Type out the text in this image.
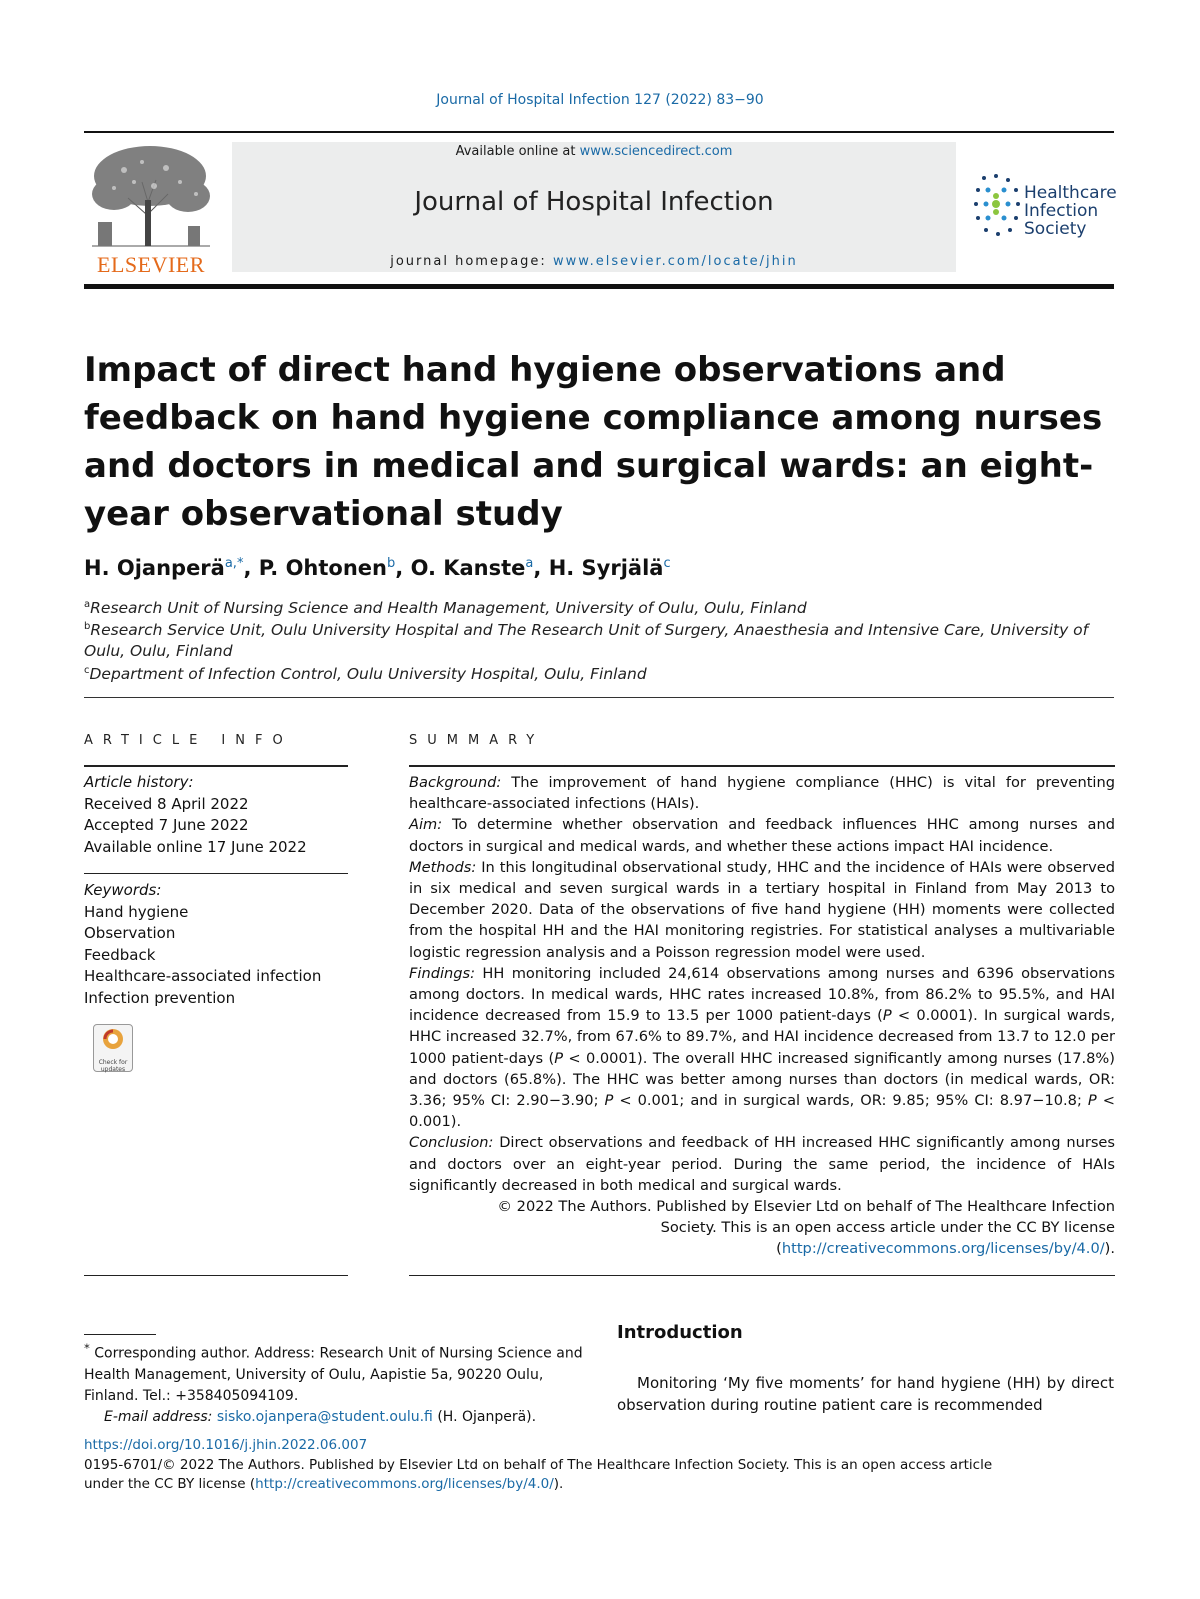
Journal of Hospital Infection 127 (2022) 83−90
ELSEVIER
Available online at www.sciencedirect.com
Journal of Hospital Infection
journal homepage: www.elsevier.com/locate/jhin
Healthcare
Infection
Society
Impact of direct hand hygiene observations and feedback on hand hygiene compliance among nurses and doctors in medical and surgical wards: an eight-year observational study
H. Ojanperä$^{a,*}$, P. Ohtonen$^b$, O. Kanste$^a$, H. Syrjälä$^c$
$^a$Research Unit of Nursing Science and Health Management, University of Oulu, Oulu, Finland
$^b$Research Service Unit, Oulu University Hospital and The Research Unit of Surgery, Anaesthesia and Intensive Care, University of Oulu, Oulu, Finland
$^c$Department of Infection Control, Oulu University Hospital, Oulu, Finland
ARTICLE INFO
Article history:
Received 8 April 2022
Accepted 7 June 2022
Available online 17 June 2022
Keywords:
Hand hygiene
Observation
Feedback
Healthcare-associated infection
Infection prevention
Check for updates
SUMMARY

Background: The improvement of hand hygiene compliance (HHC) is vital for preventing healthcare-associated infections (HAIs).

Aim: To determine whether observation and feedback influences HHC among nurses and doctors in surgical and medical wards, and whether these actions impact HAI incidence.

Methods: In this longitudinal observational study, HHC and the incidence of HAIs were observed in six medical and seven surgical wards in a tertiary hospital in Finland from May 2013 to December 2020. Data of the observations of five hand hygiene (HH) moments were collected from the hospital HH and the HAI monitoring registries. For statistical analyses a multivariable logistic regression analysis and a Poisson regression model were used.

Findings: HH monitoring included 24,614 observations among nurses and 6396 observations among doctors. In medical wards, HHC rates increased 10.8%, from 86.2% to 95.5%, and HAI incidence decreased from 15.9 to 13.5 per 1000 patient-days (P < 0.0001). In surgical wards, HHC increased 32.7%, from 67.6% to 89.7%, and HAI incidence decreased from 13.7 to 12.0 per 1000 patient-days (P < 0.0001). The overall HHC increased significantly among nurses (17.8%) and doctors (65.8%). The HHC was better among nurses than doctors (in medical wards, OR: 3.36; 95% CI: 2.90−3.90; P < 0.001; and in surgical wards, OR: 9.85; 95% CI: 8.97−10.8; P < 0.001).

Conclusion: Direct observations and feedback of HH increased HHC significantly among nurses and doctors over an eight-year period. During the same period, the incidence of HAIs significantly decreased in both medical and surgical wards.

© 2022 The Authors. Published by Elsevier Ltd on behalf of The Healthcare Infection
Society. This is an open access article under the CC BY license
(http://creativecommons.org/licenses/by/4.0/).

* Corresponding author. Address: Research Unit of Nursing Science and Health Management, University of Oulu, Aapistie 5a, 90220 Oulu, Finland. Tel.: +358405094109.

E-mail address: sisko.ojanpera@student.oulu.fi (H. Ojanperä).

Introduction
Monitoring ‘My five moments’ for hand hygiene (HH) by direct observation during routine patient care is recommended

https://doi.org/10.1016/j.jhin.2022.06.007

0195-6701/© 2022 The Authors. Published by Elsevier Ltd on behalf of The Healthcare Infection Society. This is an open access article

under the CC BY license (http://creativecommons.org/licenses/by/4.0/).
